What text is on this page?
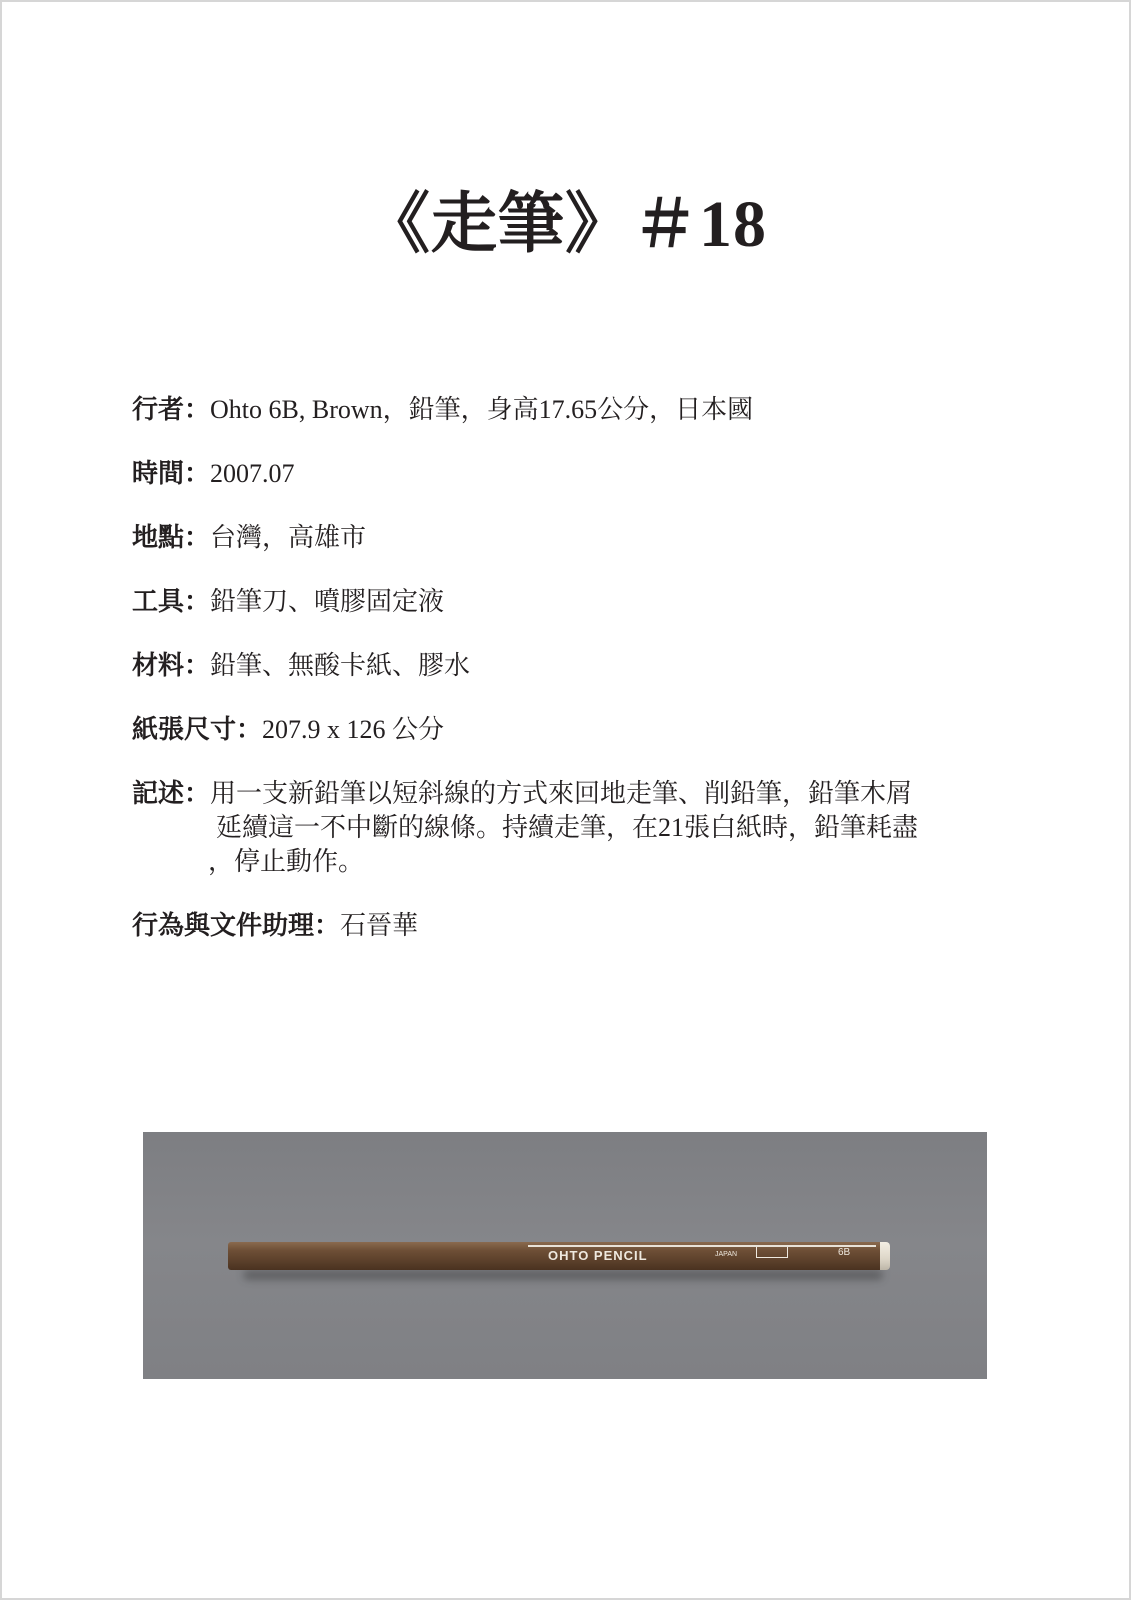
《走筆》＃18
行者： Ohto 6B, Brown，鉛筆，身高17.65公分，日本國
時間： 2007.07
地點： 台灣，高雄市
工具： 鉛筆刀、噴膠固定液
材料： 鉛筆、無酸卡紙、膠水
紙張尺寸： 207.9 x 126 公分
記述：用一支新鉛筆以短斜線的方式來回地走筆、削鉛筆，鉛筆木屑
延續這一不中斷的線條。持續走筆，在21張白紙時，鉛筆耗盡
，停止動作。
行為與文件助理： 石晉華
OHTO PENCIL	JAPAN	6B
